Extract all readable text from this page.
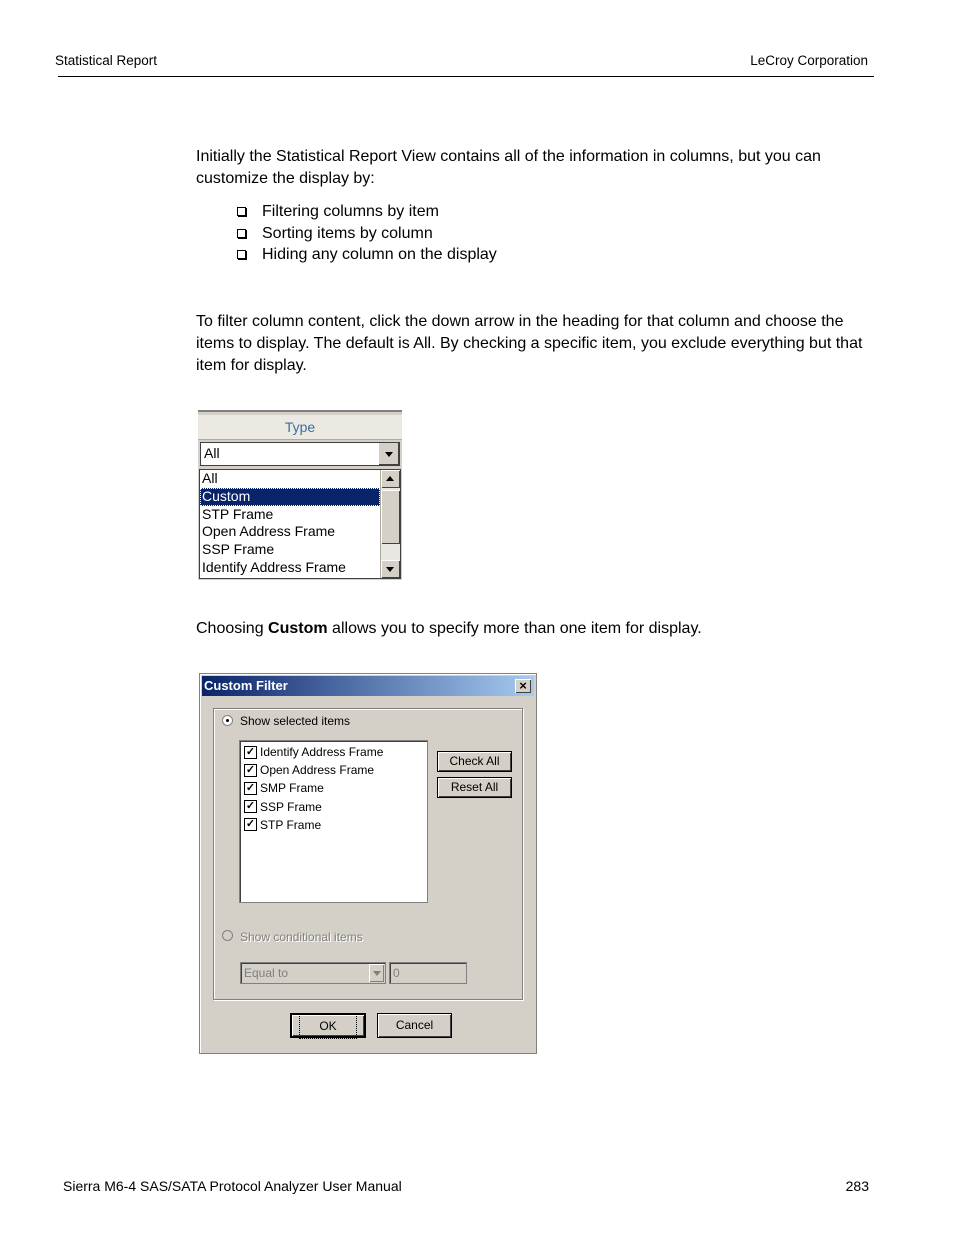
Statistical Report	LeCroy Corporation

Initially the Statistical Report View contains all of the information in columns, but you can customize the display by:

Filtering columns by item
Sorting items by column
Hiding any column on the display

To filter column content, click the down arrow in the heading for that column and choose the items to display. The default is All. By checking a specific item, you exclude everything but that item for display.

Type
All
All
Custom
STP Frame
Open Address Frame
SSP Frame
Identify Address Frame

Choosing Custom allows you to specify more than one item for display.

Custom Filter	×
Show selected items
✓ Identify Address Frame
✓ Open Address Frame
✓ SMP Frame
✓ SSP Frame
✓ STP Frame
Check All
Reset All
Show conditional items
Equal to	0
OK	Cancel
Sierra M6-4 SAS/SATA Protocol Analyzer User Manual	283
